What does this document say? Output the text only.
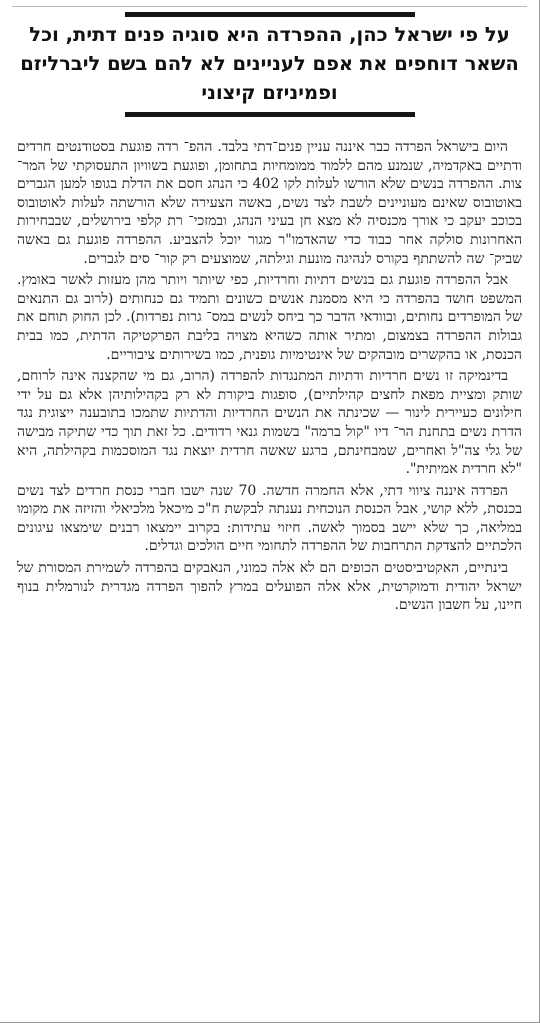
על פי ישראל כהן, ההפרדה היא סוגיה פנים דתית, וכל השאר דוחפים את אפם לעניינים לא להם בשם ליברליזם ופמיניזם קיצוני

היום בישראל הפרדה כבר איננה עניין פנים־דתי בלבד. ההפ־ רדה פוגעת בסטודנטים חרדים ודתיים באקדמיה, שנמנע מהם ללמוד ממומחיות בתחומן, ופוגעת בשוויון התעסוקתי של המר־ צות. ההפרדה בנשים שלא הורשו לעלות לקו 402 כי הנהג חסם את הדלת בגופו למען הגברים באוטובוס שאינם מעוניינים לשבת לצד נשים, באשה הצעירה שלא הורשתה לעלות לאוטובוס בכוכב יעקב כי אורך מכנסיה לא מצא חן בעיני הנהג, ובמזכי־ רת קלפי בירושלים, שבבחירות האחרונות סולקה אחר כבוד כדי שהאדמו"ר מגור יוכל להצביע. ההפרדה פוגעת גם באשה שביק־ שה להשתתף בקורס לנהיגה מונעת וגילתה, שמוצעים רק קור־ סים לגברים.

אבל ההפרדה פוגעת גם בנשים דתיות וחרדיות, כפי שיותר ויותר מהן מעזות לאשר באומץ. המשפט חושד בהפרדה כי היא מסמנת אנשים כשונים ותמיד גם כנחותים (לרוב גם התנאים של המופרדים נחותים, ובוודאי הדבר כך ביחס לנשים במס־ גרות נפרדות). לכן החוק תוחם את גבולות ההפרדה בצמצום, ומתיר אותה כשהיא מצויה בליבת הפרקטיקה הדתית, כמו בבית הכנסת, או בהקשרים מובהקים של אינטימיות גופנית, כמו בשירותים ציבוריים.

בדינמיקה זו נשים חרדיות ודתיות המתנגדות להפרדה (הרוב, גם מי שהקצנה אינה לרוחם, שותק ומציית מפאת לחצים קהילתיים), סופגות ביקורת לא רק בקהילותיהן אלא גם על ידי חילונים כעיירית לינור — שכינתה את הנשים החרדיות והדתיות שתמכו בתובענה ייצוגית נגד הדרת נשים בתחנת הר־ דיו "קול ברמה" בשמות גנאי רדודים. כל זאת תוך כדי שתיקה מבישה של גלי צה"ל ואחרים, שמבחינתם, ברגע שאשה חרדית יוצאת נגד המוסכמות בקהילתה, היא "לא חרדית אמיתית".

הפרדה איננה ציווי דתי, אלא החמרה חדשה. 70 שנה ישבו חברי כנסת חרדים לצד נשים בכנסת, ללא קושי, אבל הכנסת הנוכחית נענתה לבקשת ח"כ מיכאל מלכיאלי והזיזה את מקומו במליאה, כך שלא יישב בסמוך לאשה. חיזוי עתידות: בקרוב יימצאו רבנים שימצאו עיגונים הלכתיים להצדקת התרחבות של ההפרדה לתחומי חיים הולכים וגדלים.

בינתיים, האקטיביסטים הכופים הם לא אלה כמוני, הנאבקים בהפרדה לשמירת המסורת של ישראל יהודית ודמוקרטית, אלא אלה הפועלים במרץ להפוך הפרדה מגדרית לנורמלית בנוף חיינו, על חשבון הנשים.
